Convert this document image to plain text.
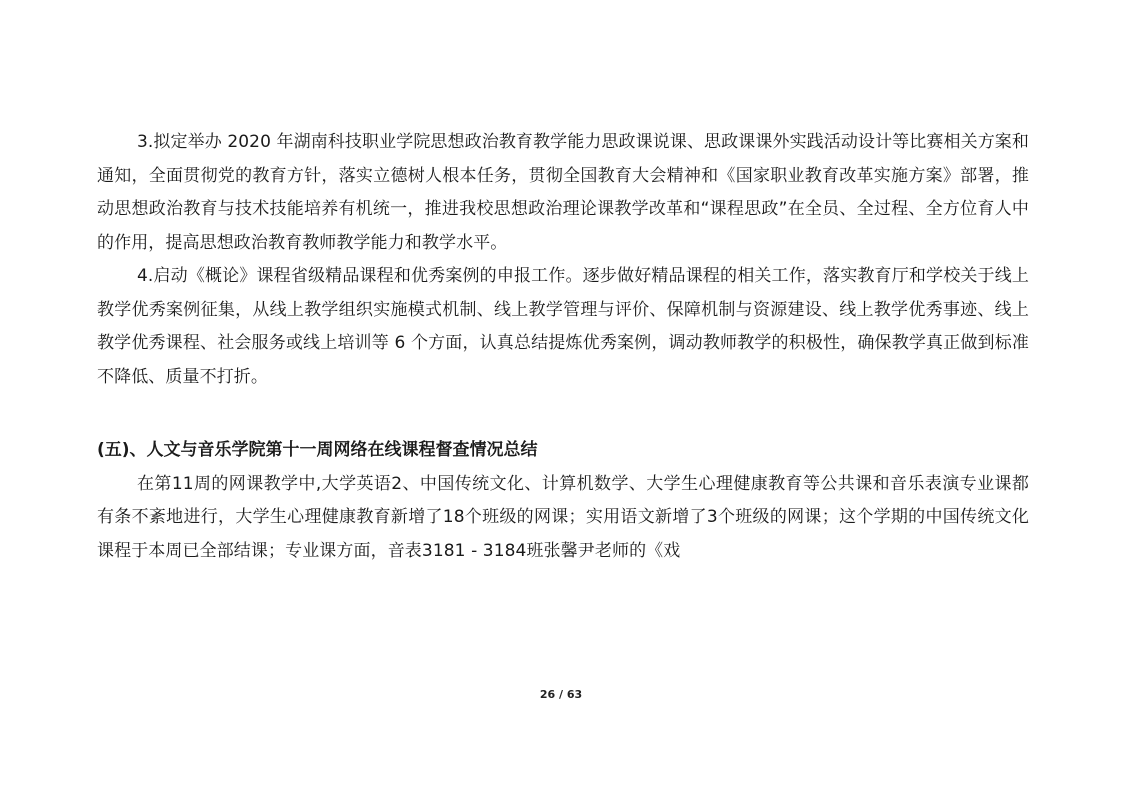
3.拟定举办 2020 年湖南科技职业学院思想政治教育教学能力思政课说课、思政课课外实践活动设计等比赛相关方案和通知，全面贯彻党的教育方针，落实立德树人根本任务，贯彻全国教育大会精神和《国家职业教育改革实施方案》部署，推动思想政治教育与技术技能培养有机统一，推进我校思想政治理论课教学改革和“课程思政”在全员、全过程、全方位育人中的作用，提高思想政治教育教师教学能力和教学水平。

4.启动《概论》课程省级精品课程和优秀案例的申报工作。逐步做好精品课程的相关工作，落实教育厅和学校关于线上教学优秀案例征集，从线上教学组织实施模式机制、线上教学管理与评价、保障机制与资源建设、线上教学优秀事迹、线上教学优秀课程、社会服务或线上培训等 6 个方面，认真总结提炼优秀案例，调动教师教学的积极性，确保教学真正做到标准不降低、质量不打折。

(五)、人文与音乐学院第十一周网络在线课程督查情况总结

在第11周的网课教学中,大学英语2、中国传统文化、计算机数学、大学生心理健康教育等公共课和音乐表演专业课都有条不紊地进行，大学生心理健康教育新增了18个班级的网课；实用语文新增了3个班级的网课；这个学期的中国传统文化课程于本周已全部结课；专业课方面，音表3181 - 3184班张馨尹老师的《戏

26 / 63
